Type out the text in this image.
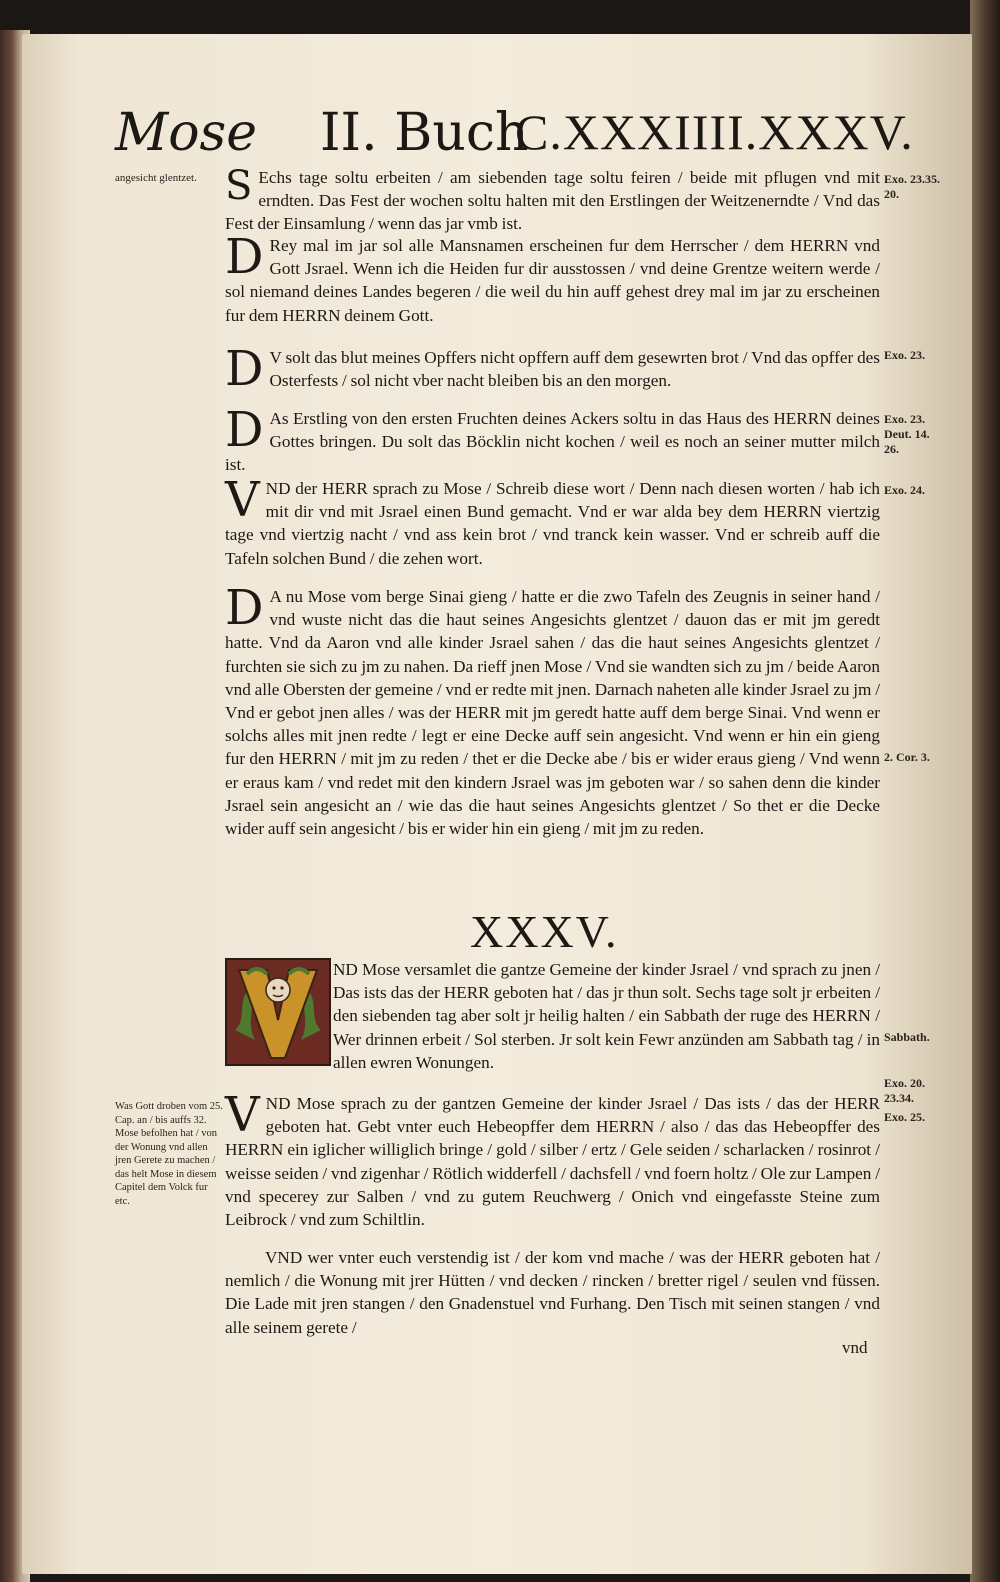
Mose II. Buch
C.XXXIIII.XXXV.
angesicht glentzet.
Was Gott droben vom 25. Cap. an / bis auffs 32. Mose befolhen hat / von der Wonung vnd allen jren Gerete zu machen / das helt Mose in diesem Capitel dem Volck fur etc.
Exo. 23.35. 20.
Exo. 23.
Exo. 23. Deut. 14. 26.
Exo. 24.
2. Cor. 3.
Sabbath.
Exo. 20. 23.34.
Exo. 25.
S Echs tage soltu erbeiten / am siebenden tage soltu feiren / beide mit pflugen vnd mit erndten. Das Fest der wochen soltu halten mit den Erstlingen der Weitzenerndte / Vnd das Fest der Einsamlung / wenn das jar vmb ist.
D Rey mal im jar sol alle Mansnamen erscheinen fur dem Herrscher / dem HERRN vnd Gott Jsrael. Wenn ich die Heiden fur dir ausstossen / vnd deine Grentze weitern werde / sol niemand deines Landes begeren / die weil du hin auff gehest drey mal im jar zu erscheinen fur dem HERRN deinem Gott.
D V solt das blut meines Opffers nicht opffern auff dem gesewrten brot / Vnd das opffer des Osterfests / sol nicht vber nacht bleiben bis an den morgen.
D As Erstling von den ersten Fruchten deines Ackers soltu in das Haus des HERRN deines Gottes bringen. Du solt das Böcklin nicht kochen / weil es noch an seiner mutter milch ist.
VND der HERR sprach zu Mose / Schreib diese wort / Denn nach diesen worten / hab ich mit dir vnd mit Jsrael einen Bund gemacht. Vnd er war alda bey dem HERRN viertzig tage vnd viertzig nacht / vnd ass kein brot / vnd tranck kein wasser. Vnd er schreib auff die Tafeln solchen Bund / die zehen wort.
D A nu Mose vom berge Sinai gieng / hatte er die zwo Tafeln des Zeugnis in seiner hand / vnd wuste nicht das die haut seines Angesichts glentzet / dauon das er mit jm geredt hatte. Vnd da Aaron vnd alle kinder Jsrael sahen / das die haut seines Angesichts glentzet / furchten sie sich zu jm zu nahen. Da rieff jnen Mose / Vnd sie wandten sich zu jm / beide Aaron vnd alle Obersten der gemeine / vnd er redte mit jnen. Darnach naheten alle kinder Jsrael zu jm / Vnd er gebot jnen alles / was der HERR mit jm geredt hatte auff dem berge Sinai. Vnd wenn er solchs alles mit jnen redte / legt er eine Decke auff sein angesicht. Vnd wenn er hin ein gieng fur den HERRN / mit jm zu reden / thet er die Decke abe / bis er wider eraus gieng / Vnd wenn er eraus kam / vnd redet mit den kindern Jsrael was jm geboten war / so sahen denn die kinder Jsrael sein angesicht an / wie das die haut seines Angesichts glentzet / So thet er die Decke wider auff sein angesicht / bis er wider hin ein gieng / mit jm zu reden.
XXXV.
ND Mose versamlet die gantze Gemeine der kinder Jsrael / vnd sprach zu jnen / Das ists das der HERR geboten hat / das jr thun solt. Sechs tage solt jr erbeiten / den siebenden tag aber solt jr heilig halten / ein Sabbath der ruge des HERRN / Wer drinnen erbeit / Sol sterben. Jr solt kein Fewr anzünden am Sabbath tag / in allen ewren Wonungen.
VND Mose sprach zu der gantzen Gemeine der kinder Jsrael / Das ists / das der HERR geboten hat. Gebt vnter euch Hebeopffer dem HERRN / also / das das Hebeopffer des HERRN ein iglicher williglich bringe / gold / silber / ertz / Gele seiden / scharlacken / rosinrot / weisse seiden / vnd zigenhar / Rötlich widderfell / dachsfell / vnd foern holtz / Ole zur Lampen / vnd specerey zur Salben / vnd zu gutem Reuchwerg / Onich vnd eingefasste Steine zum Leibrock / vnd zum Schiltlin.
VND wer vnter euch verstendig ist / der kom vnd mache / was der HERR geboten hat / nemlich / die Wonung mit jrer Hütten / vnd decken / rincken / bretter rigel / seulen vnd füssen. Die Lade mit jren stangen / den Gnadenstuel vnd Furhang. Den Tisch mit seinen stangen / vnd alle seinem gerete /
vnd
